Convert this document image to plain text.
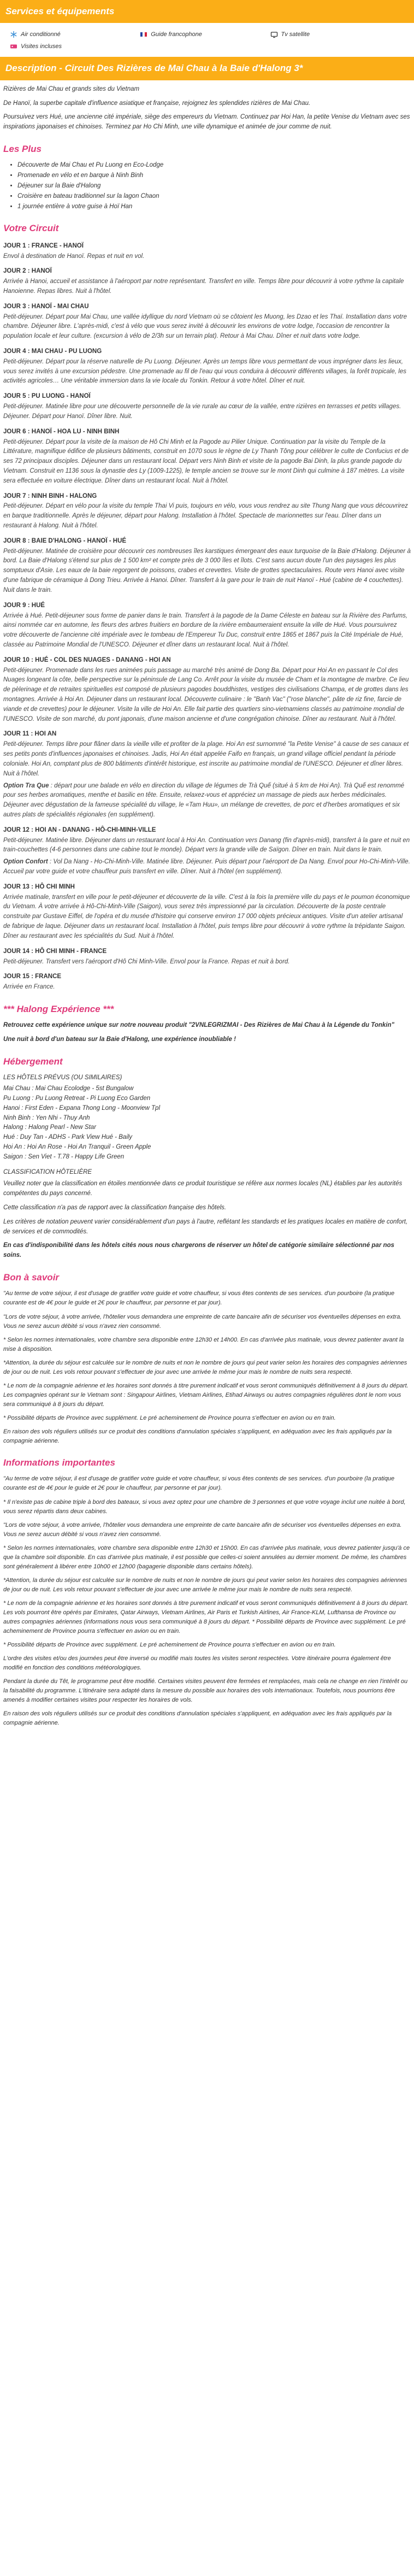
Services et équipements
Air conditionné	Guide francophone	Tv satellite
Visites incluses
Description - Circuit Des Rizières de Mai Chau à la Baie d'Halong 3*

Rizières de Mai Chau et grands sites du Vietnam

De Hanoï, la superbe capitale d'influence asiatique et française, rejoignez les splendides rizières de Mai Chau.

Poursuivez vers Hué, une ancienne cité impériale, siège des empereurs du Vietnam. Continuez par Hoi Han, la petite Venise du Vietnam avec ses inspirations japonaises et chinoises. Terminez par Ho Chi Minh, une ville dynamique et animée de jour comme de nuit.

Les Plus
• Découverte de Mai Chau et Pu Luong en Eco-Lodge
• Promenade en vélo et en barque à Ninh Binh
• Déjeuner sur la Baie d'Halong
• Croisière en bateau traditionnel sur la lagon Chaon
• 1 journée entière à votre guise à Hoï Han
Votre Circuit
JOUR 1 : FRANCE - HANOÏ

Envol à destination de Hanoï. Repas et nuit en vol.

JOUR 2 : HANOÏ

Arrivée à Hanoi, accueil et assistance à l'aéroport par notre représentant. Transfert en ville. Temps libre pour découvrir à votre rythme la capitale Hanoienne. Repas libres. Nuit à l'hôtel.

JOUR 3 : HANOÏ - MAI CHAU

Petit-déjeuner. Départ pour Mai Chau, une vallée idyllique du nord Vietnam où se côtoient les Muong, les Dzao et les Thaï. Installation dans votre chambre. Déjeuner libre. L'après-midi, c'est à vélo que vous serez invité à découvrir les environs de votre lodge, l'occasion de rencontrer la population locale et leur culture. (excursion à vélo de 2/3h sur un terrain plat). Retour à Mai Chau. Dîner et nuit dans votre lodge.

JOUR 4 : MAI CHAU - PU LUONG

Petit-déjeuner. Départ pour la réserve naturelle de Pu Luong. Déjeuner. Après un temps libre vous permettant de vous imprégner dans les lieux, vous serez invités à une excursion pédestre. Une promenade au fil de l'eau qui vous conduira à découvrir différents villages, la forêt tropicale, les activités agricoles… Une véritable immersion dans la vie locale du Tonkin. Retour à votre hôtel. Dîner et nuit.

JOUR 5 : PU LUONG - HANOÏ

Petit-déjeuner. Matinée libre pour une découverte personnelle de la vie rurale au cœur de la vallée, entre rizières en terrasses et petits villages. Déjeuner. Départ pour Hanoï. Dîner libre. Nuit.

JOUR 6 : HANOÏ - HOA LU - NINH BINH

Petit-déjeuner. Départ pour la visite de la maison de Hô Chi Minh et la Pagode au Pilier Unique. Continuation par la visite du Temple de la Littérature, magnifique édifice de plusieurs bâtiments, construit en 1070 sous le règne de Ly Thanh Tông pour célébrer le culte de Confucius et de ses 72 principaux disciples. Déjeuner dans un restaurant local. Départ vers Ninh Binh et visite de la pagode Bai Dinh, la plus grande pagode du Vietnam. Construit en 1136 sous la dynastie des Ly (1009-1225), le temple ancien se trouve sur le mont Dinh qui culmine à 187 mètres. La visite sera effectuée en voiture électrique. Dîner dans un restaurant local. Nuit à l'hôtel.

JOUR 7 : NINH BINH - HALONG

Petit-déjeuner. Départ en vélo pour la visite du temple Thai Vi puis, toujours en vélo, vous vous rendrez au site Thung Nang que vous découvrirez en barque traditionnelle. Après le déjeuner, départ pour Halong. Installation à l'hôtel. Spectacle de marionnettes sur l'eau. Dîner dans un restaurant à Halong. Nuit à l'hôtel.

JOUR 8 : BAIE D'HALONG - HANOÏ - HUÉ

Petit-déjeuner. Matinée de croisière pour découvrir ces nombreuses îles karstiques émergeant des eaux turquoise de la Baie d'Halong. Déjeuner à bord. La Baie d'Halong s'étend sur plus de 1 500 km² et compte près de 3 000 îles et îlots. C'est sans aucun doute l'un des paysages les plus somptueux d'Asie. Les eaux de la baie regorgent de poissons, crabes et crevettes. Visite de grottes spectaculaires. Route vers Hanoi avec visite d'une fabrique de céramique à Dong Trieu. Arrivée à Hanoi. Dîner. Transfert à la gare pour le train de nuit Hanoï - Hué (cabine de 4 couchettes). Nuit dans le train.

JOUR 9 : HUÉ

Arrivée à Hué. Petit-déjeuner sous forme de panier dans le train. Transfert à la pagode de la Dame Céleste en bateau sur la Rivière des Parfums, ainsi nommée car en automne, les fleurs des arbres fruitiers en bordure de la rivière embaumeraient ensuite la ville de Hué. Vous poursuivrez votre découverte de l'ancienne cité impériale avec le tombeau de l'Empereur Tu Duc, construit entre 1865 et 1867 puis la Cité Impériale de Hué, classée au Patrimoine Mondial de l'UNESCO. Déjeuner et dîner dans un restaurant local. Nuit à l'hôtel.

JOUR 10 : HUÉ - COL DES NUAGES - DANANG - HOI AN

Petit-déjeuner. Promenade dans les rues animées puis passage au marché très animé de Dong Ba. Départ pour Hoi An en passant le Col des Nuages longeant la côte, belle perspective sur la péninsule de Lang Co. Arrêt pour la visite du musée de Cham et la montagne de marbre. Ce lieu de pèlerinage et de retraites spirituelles est composé de plusieurs pagodes bouddhistes, vestiges des civilisations Champa, et de grottes dans les montagnes. Arrivée à Hoi An. Déjeuner dans un restaurant local. Découverte culinaire : le "Banh Vac" ("rose blanche", pâte de riz fine, farcie de viande et de crevettes) pour le déjeuner. Visite la ville de Hoi An. Elle fait partie des quartiers sino-vietnamiens classés au patrimoine mondial de l'UNESCO. Visite de son marché, du pont japonais, d'une maison ancienne et d'une congrégation chinoise. Dîner au restaurant. Nuit à l'hôtel.

JOUR 11 : HOI AN

Petit-déjeuner. Temps libre pour flâner dans la vieille ville et profiter de la plage. Hoi An est surnommé "la Petite Venise" à cause de ses canaux et ses petits ponts d'influences japonaises et chinoises. Jadis, Hoi An était appelée Faifo en français, un grand village officiel pendant la période coloniale. Hoi An, comptant plus de 800 bâtiments d'intérêt historique, est inscrite au patrimoine mondial de l'UNESCO. Déjeuner et dîner libres. Nuit à l'hôtel.

Option Tra Que : départ pour une balade en vélo en direction du village de légumes de Trà Quế (situé à 5 km de Hoi An). Trà Quế est renommé pour ses herbes aromatiques, menthe et basilic en tête. Ensuite, relaxez-vous et appréciez un massage de pieds aux herbes médicinales. Déjeuner avec dégustation de la fameuse spécialité du village, le «Tam Huu», un mélange de crevettes, de porc et d'herbes aromatiques et six autres plats de spécialités régionales (en supplément).

JOUR 12 : HOI AN - DANANG - HÔ-CHI-MINH-VILLE

Petit-déjeuner. Matinée libre. Déjeuner dans un restaurant local à Hoi An. Continuation vers Danang (fin d'après-midi), transfert à la gare et nuit en train-couchettes (4-6 personnes dans une cabine tout le monde). Départ vers la grande ville de Saïgon. Dîner en train. Nuit dans le train.

Option Confort : Vol Da Nang - Ho-Chi-Minh-Ville. Matinée libre. Déjeuner. Puis départ pour l'aéroport de Da Nang. Envol pour Ho-Chi-Minh-Ville. Accueil par votre guide et votre chauffeur puis transfert en ville. Dîner. Nuit à l'hôtel (en supplément).

JOUR 13 : HÔ CHI MINH

Arrivée matinale, transfert en ville pour le petit-déjeuner et découverte de la ville. C'est à la fois la première ville du pays et le poumon économique du Vietnam. À votre arrivée à Hô-Chi-Minh-Ville (Saigon), vous serez très impressionné par la circulation. Découverte de la poste centrale construite par Gustave Eiffel, de l'opéra et du musée d'histoire qui conserve environ 17 000 objets précieux antiques. Visite d'un atelier artisanal de fabrique de laque. Déjeuner dans un restaurant local. Installation à l'hôtel, puis temps libre pour découvrir à votre rythme la trépidante Saigon. Dîner au restaurant avec les spécialités du Sud. Nuit à l'hôtel.

JOUR 14 : HÔ CHI MINH - FRANCE

Petit-déjeuner. Transfert vers l'aéroport d'Hô Chi Minh-Ville. Envol pour la France. Repas et nuit à bord.

JOUR 15 : FRANCE

Arrivée en France.

*** Halong Expérience ***

Retrouvez cette expérience unique sur notre nouveau produit "2VNLEGRIZMAI - Des Rizières de Mai Chau à la Légende du Tonkin"

Une nuit à bord d'un bateau sur la Baie d'Halong, une expérience inoubliable !

Hébergement

LES HÔTELS PRÉVUS (OU SIMILAIRES)

Mai Chau : Mai Chau Ecolodge - 5st Bungalow
Pu Luong : Pu Luong Retreat - Pi Luong Eco Garden
Hanoi : First Eden - Expana Thong Long - Moonview Tpl
Ninh Binh : Yen Nhi - Thuy Anh
Halong : Halong Pearl - New Star
Hué : Duy Tan - ADHS - Park View Hué - Baily
Hoi An : Hoi An Rose - Hoi An Tranquil - Green Apple
Saigon : Sen Viet - T.78 - Happy Life Green

CLASSIFICATION HÔTELIÈRE

Veuillez noter que la classification en étoiles mentionnée dans ce produit touristique se réfère aux normes locales (NL) établies par les autorités compétentes du pays concerné.

Cette classification n'a pas de rapport avec la classification française des hôtels.

Les critères de notation peuvent varier considérablement d'un pays à l'autre, reflétant les standards et les pratiques locales en matière de confort, de services et de commodités.

En cas d'indisponibilité dans les hôtels cités nous nous chargerons de réserver un hôtel de catégorie similaire sélectionné par nos soins.

Bon à savoir

"Au terme de votre séjour, il est d'usage de gratifier votre guide et votre chauffeur, si vous êtes contents de ses services. d'un pourboire (la pratique courante est de 4€ pour le guide et 2€ pour le chauffeur, par personne et par jour).

"Lors de votre séjour, à votre arrivée, l'hôtelier vous demandera une empreinte de carte bancaire afin de sécuriser vos éventuelles dépenses en extra. Vous ne serez aucun débité si vous n'avez rien consommé.

* Selon les normes internationales, votre chambre sera disponible entre 12h30 et 14h00. En cas d'arrivée plus matinale, vous devrez patienter avant la mise à disposition.

*Attention, la durée du séjour est calculée sur le nombre de nuits et non le nombre de jours qui peut varier selon les horaires des compagnies aériennes de jour ou de nuit. Les vols retour pouvant s'effectuer de jour avec une arrivée le même jour mais le nombre de nuits sera respecté.

* Le nom de la compagnie aérienne et les horaires sont donnés à titre purement indicatif et vous seront communiqués définitivement à 8 jours du départ. Les compagnies opérant sur le Vietnam sont : Singapour Airlines, Vietnam Airlines, Etihad Airways ou autres compagnies régulières dont le nom vous sera communiqué à 8 jours du départ.

* Possibilité départs de Province avec supplément. Le pré acheminement de Province pourra s'effectuer en avion ou en train.

En raison des vols réguliers utilisés sur ce produit des conditions d'annulation spéciales s'appliquent, en adéquation avec les frais appliqués par la compagnie aérienne.

Informations importantes

"Au terme de votre séjour, il est d'usage de gratifier votre guide et votre chauffeur, si vous êtes contents de ses services. d'un pourboire (la pratique courante est de 4€ pour le guide et 2€ pour le chauffeur, par personne et par jour).

* Il n'existe pas de cabine triple à bord des bateaux, si vous avez optez pour une chambre de 3 personnes et que votre voyage inclut une nuitée à bord, vous serez répartis dans deux cabines.

"Lors de votre séjour, à votre arrivée, l'hôtelier vous demandera une empreinte de carte bancaire afin de sécuriser vos éventuelles dépenses en extra. Vous ne serez aucun débité si vous n'avez rien consommé.

* Selon les normes internationales, votre chambre sera disponible entre 12h30 et 15h00. En cas d'arrivée plus matinale, vous devrez patienter jusqu'à ce que la chambre soit disponible. En cas d'arrivée plus matinale, il est possible que celles-ci soient annulées au dernier moment. De même, les chambres sont généralement à libérer entre 10h00 et 12h00 (bagagerie disponible dans certains hôtels).

*Attention, la durée du séjour est calculée sur le nombre de nuits et non le nombre de jours qui peut varier selon les horaires des compagnies aériennes de jour ou de nuit. Les vols retour pouvant s'effectuer de jour avec une arrivée le même jour mais le nombre de nuits sera respecté.

* Le nom de la compagnie aérienne et les horaires sont donnés à titre purement indicatif et vous seront communiqués définitivement à 8 jours du départ. Les vols pourront être opérés par Emirates, Qatar Airways, Vietnam Airlines, Air Paris et Turkish Airlines, Air France-KLM, Lufthansa de Province ou autres compagnies aériennes (informations nous vous sera communiqué à 8 jours du départ. * Possibilité départs de Province avec supplément. Le pré acheminement de Province pourra s'effectuer en avion ou en train.

* Possibilité départs de Province avec supplément. Le pré acheminement de Province pourra s'effectuer en avion ou en train.

L'ordre des visites et/ou des journées peut être inversé ou modifié mais toutes les visites seront respectées. Votre itinéraire pourra également être modifié en fonction des conditions météorologiques.

Pendant la durée du Têt, le programme peut être modifié. Certaines visites peuvent être fermées et remplacées, mais cela ne change en rien l'intérêt ou la faisabilité du programme. L'itinéraire sera adapté dans la mesure du possible aux horaires des vols internationaux. Toutefois, nous pourrions être amenés à modifier certaines visites pour respecter les horaires de vols.

En raison des vols réguliers utilisés sur ce produit des conditions d'annulation spéciales s'appliquent, en adéquation avec les frais appliqués par la compagnie aérienne.
